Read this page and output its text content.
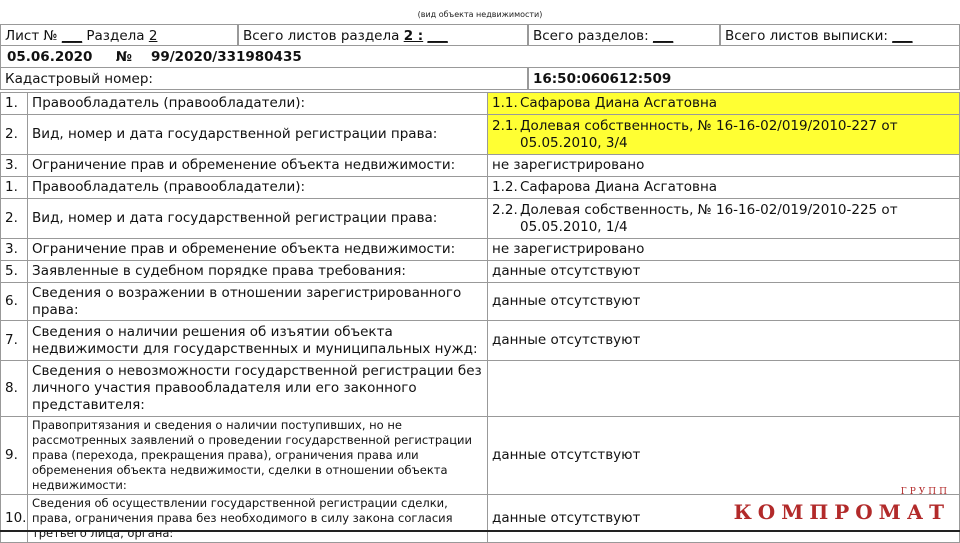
(вид объекта недвижимости)
Лист № ___ Раздела 2	Всего листов раздела 2 : ___	Всего разделов: ___	Всего листов выписки: ___
05.06.2020 № 99/2020/331980435
Кадастровый номер:	16:50:060612:509
1.	Правообладатель (правообладатели):	1.1. Сафарова Диана Асгатовна
2.	Вид, номер и дата государственной регистрации права:	2.1. Долевая собственность, № 16-16-02/019/2010-227 от 05.05.2010, 3/4
3.	Ограничение прав и обременение объекта недвижимости:	не зарегистрировано
1.	Правообладатель (правообладатели):	1.2. Сафарова Диана Асгатовна
2.	Вид, номер и дата государственной регистрации права:	2.2. Долевая собственность, № 16-16-02/019/2010-225 от 05.05.2010, 1/4
3.	Ограничение прав и обременение объекта недвижимости:	не зарегистрировано
5.	Заявленные в судебном порядке права требования:	данные отсутствуют
6.	Сведения о возражении в отношении зарегистрированного права:	данные отсутствуют
7.	Сведения о наличии решения об изъятии объекта недвижимости для государственных и муниципальных нужд:	данные отсутствуют
8.	Сведения о невозможности государственной регистрации без личного участия правообладателя или его законного представителя:	
9.	Правопритязания и сведения о наличии поступивших, но не рассмотренных заявлений о проведении государственной регистрации права (перехода, прекращения права), ограничения права или обременения объекта недвижимости, сделки в отношении объекта недвижимости:	данные отсутствуют
10.	Сведения об осуществлении государственной регистрации сделки, права, ограничения права без необходимого в силу закона согласия третьего лица, органа:	данные отсутствуют
ГРУПП
КОМПРОМАТ
